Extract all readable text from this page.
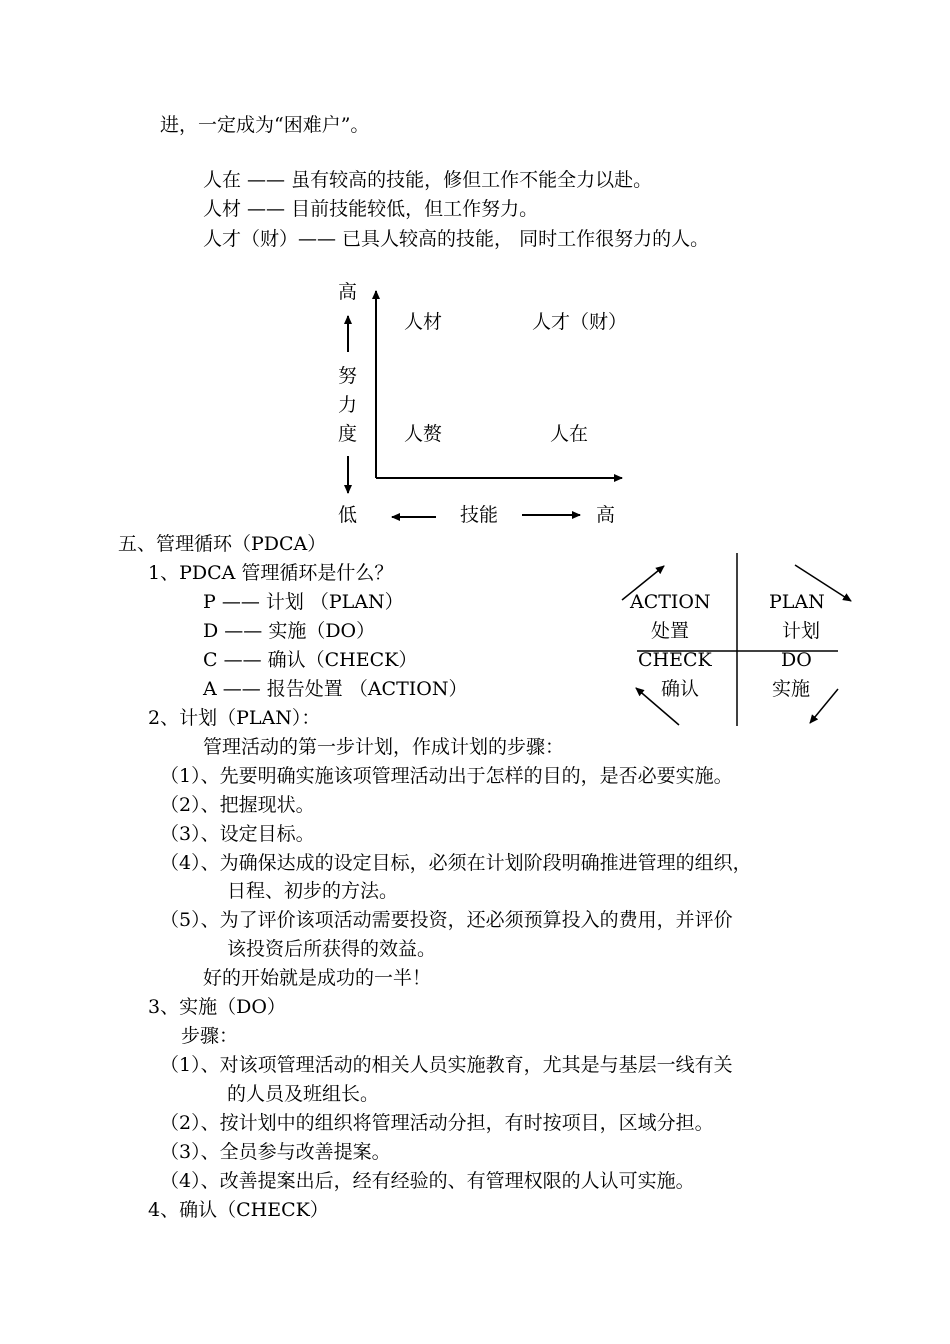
进，一定成为“困难户”。
人在 —— 虽有较高的技能，修但工作不能全力以赴。
人材 —— 目前技能较低，但工作努力。
人才（财）—— 已具人较高的技能， 同时工作很努力的人。
高
努
力
度
低	技能	高
人材	人才（财）
人赘	人在
五、管理循环（PDCA）
1、PDCA 管理循环是什么？
P —— 计划 （PLAN）
D —— 实施（DO）
C —— 确认（CHECK）
A —— 报告处置 （ACTION）
ACTION
处置
PLAN
计划
CHECK
确认
DO
实施
2、计划（PLAN）：
管理活动的第一步计划，作成计划的步骤：
（1）、先要明确实施该项管理活动出于怎样的目的，是否必要实施。
（2）、把握现状。
（3）、设定目标。
（4）、为确保达成的设定目标，必须在计划阶段明确推进管理的组织，
日程、初步的方法。
（5）、为了评价该项活动需要投资，还必须预算投入的费用，并评价
该投资后所获得的效益。
好的开始就是成功的一半！
3、实施（DO）
步骤：
（1）、对该项管理活动的相关人员实施教育，尤其是与基层一线有关
的人员及班组长。
（2）、按计划中的组织将管理活动分担，有时按项目，区域分担。
（3）、全员参与改善提案。
（4）、改善提案出后，经有经验的、有管理权限的人认可实施。
4、确认（CHECK）
